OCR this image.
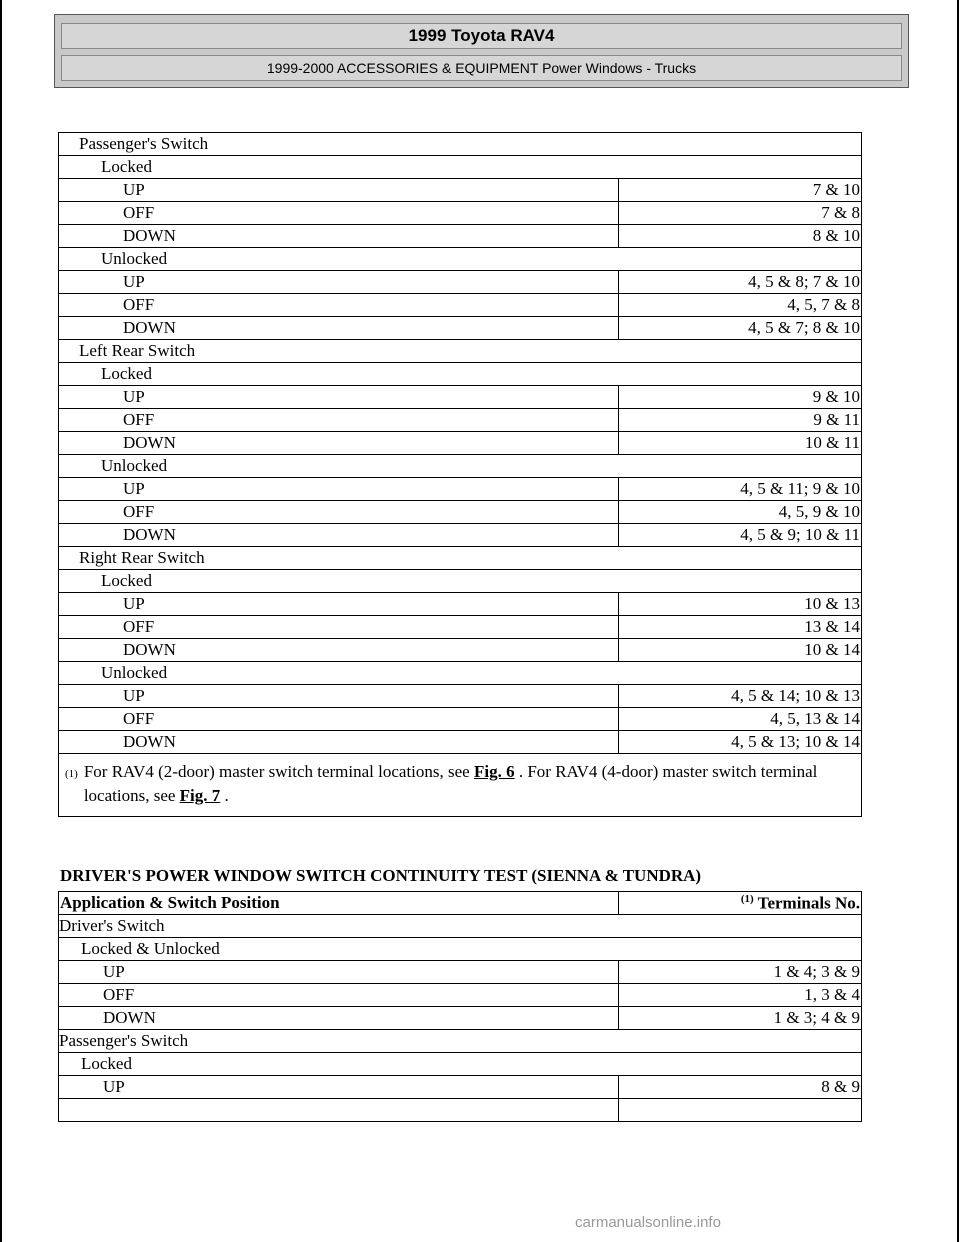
1999 Toyota RAV4
1999-2000 ACCESSORIES & EQUIPMENT Power Windows - Trucks
Passenger's Switch	
Locked	
UP	7 & 10
OFF	7 & 8
DOWN	8 & 10
Unlocked	
UP	4, 5 & 8; 7 & 10
OFF	4, 5, 7 & 8
DOWN	4, 5 & 7; 8 & 10
Left Rear Switch	
Locked	
UP	9 & 10
OFF	9 & 11
DOWN	10 & 11
Unlocked	
UP	4, 5 & 11; 9 & 10
OFF	4, 5, 9 & 10
DOWN	4, 5 & 9; 10 & 11
Right Rear Switch	
Locked	
UP	10 & 13
OFF	13 & 14
DOWN	10 & 14
Unlocked	
UP	4, 5 & 14; 10 & 13
OFF	4, 5, 13 & 14
DOWN	4, 5 & 13; 10 & 14

(1) For RAV4 (2-door) master switch terminal locations, see Fig. 6 . For RAV4 (4-door) master switch terminal locations, see Fig. 7 .	
DRIVER'S POWER WINDOW SWITCH CONTINUITY TEST (SIENNA & TUNDRA)
Application & Switch Position	$^{(1)}$ Terminals No.
Driver's Switch	
Locked & Unlocked	
UP	1 & 4; 3 & 9
OFF	1, 3 & 4
DOWN	1 & 3; 4 & 9
Passenger's Switch	
Locked	
UP	8 & 9

carmanualsonline.info
